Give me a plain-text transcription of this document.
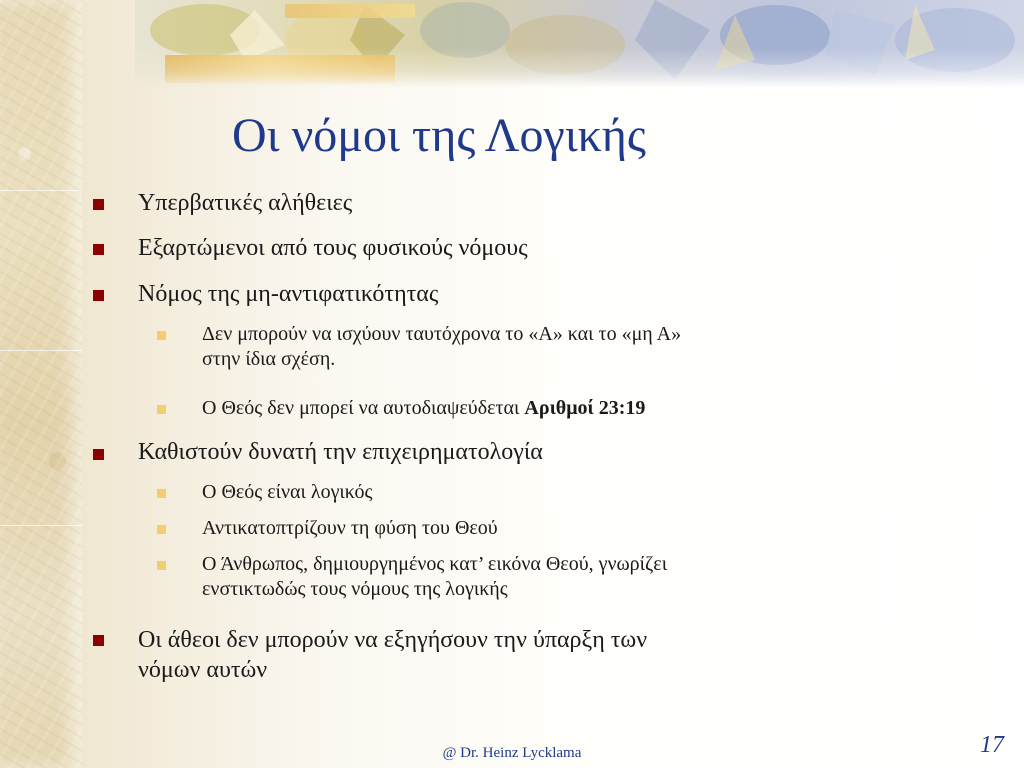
Οι νόμοι της Λογικής
Υπερβατικές αλήθειες
Εξαρτώμενοι από τους φυσικούς νόμους
Νόμος της μη-αντιφατικότητας
Δεν μπορούν να ισχύουν ταυτόχρονα το «Α» και το «μη Α»
στην ίδια σχέση.
Ο Θεός δεν μπορεί να αυτοδιαψεύδεται Αριθμοί 23:19
Καθιστούν δυνατή την επιχειρηματολογία
Ο Θεός είναι λογικός
Αντικατοπτρίζουν τη φύση του Θεού
Ο Άνθρωπος, δημιουργημένος κατ’ εικόνα Θεού, γνωρίζει
ενστικτωδώς τους νόμους της λογικής
Οι άθεοι δεν μπορούν να εξηγήσουν την ύπαρξη των
νόμων αυτών
@ Dr. Heinz Lycklama	17
